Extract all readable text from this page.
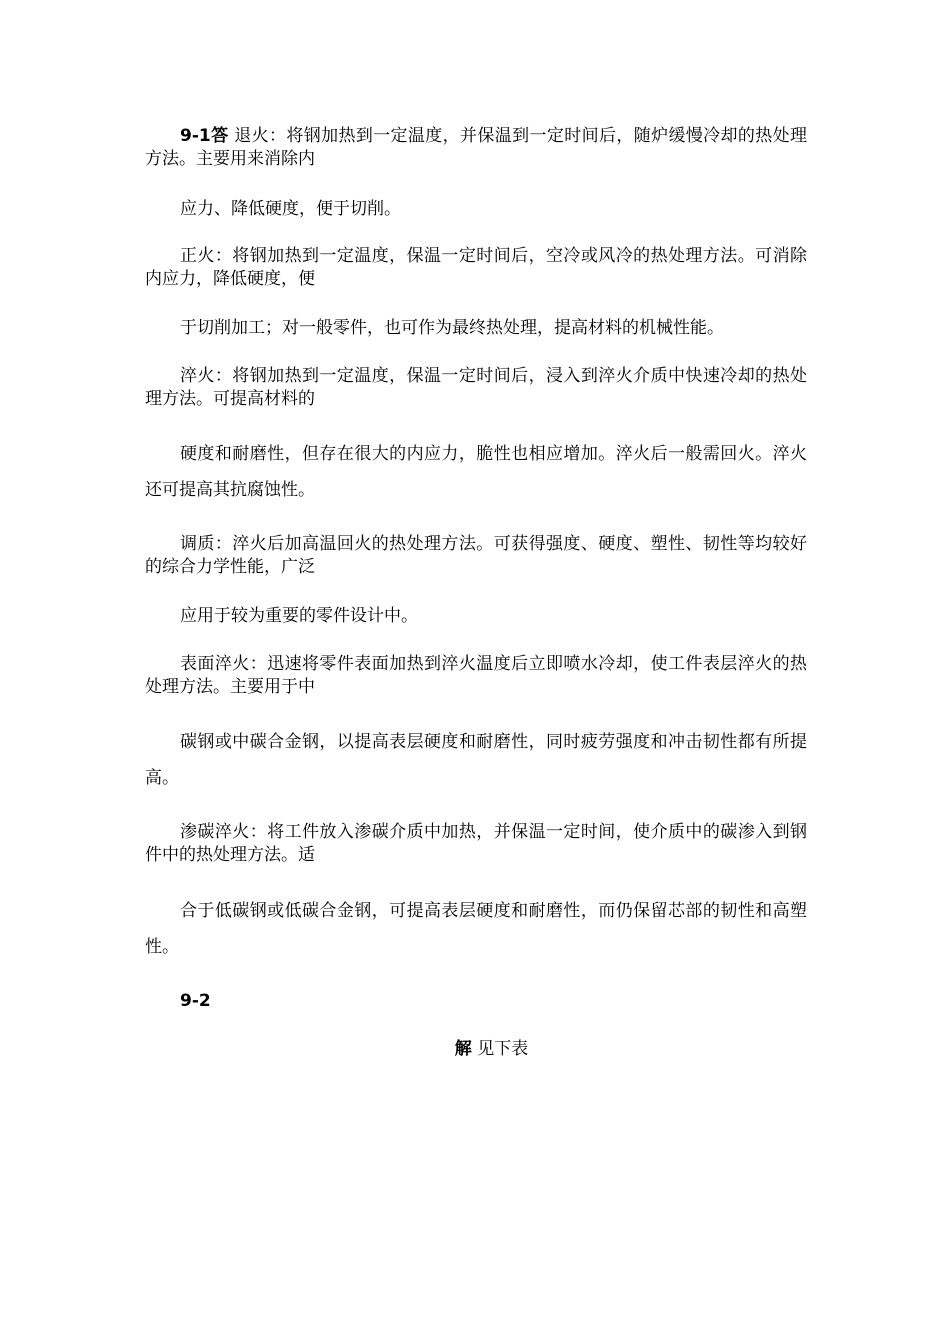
9-1答 退火：将钢加热到一定温度，并保温到一定时间后，随炉缓慢冷却的热处理方法。主要用来消除内

应力、降低硬度，便于切削。

正火：将钢加热到一定温度，保温一定时间后，空冷或风冷的热处理方法。可消除内应力，降低硬度，便

于切削加工；对一般零件，也可作为最终热处理，提高材料的机械性能。

淬火：将钢加热到一定温度，保温一定时间后，浸入到淬火介质中快速冷却的热处理方法。可提高材料的

硬度和耐磨性，但存在很大的内应力，脆性也相应增加。淬火后一般需回火。淬火还可提高其抗腐蚀性。

调质：淬火后加高温回火的热处理方法。可获得强度、硬度、塑性、韧性等均较好的综合力学性能，广泛

应用于较为重要的零件设计中。

表面淬火：迅速将零件表面加热到淬火温度后立即喷水冷却，使工件表层淬火的热处理方法。主要用于中

碳钢或中碳合金钢，以提高表层硬度和耐磨性，同时疲劳强度和冲击韧性都有所提高。

渗碳淬火：将工件放入渗碳介质中加热，并保温一定时间，使介质中的碳渗入到钢件中的热处理方法。适

合于低碳钢或低碳合金钢，可提高表层硬度和耐磨性，而仍保留芯部的韧性和高塑性。

9-2

解 见下表
